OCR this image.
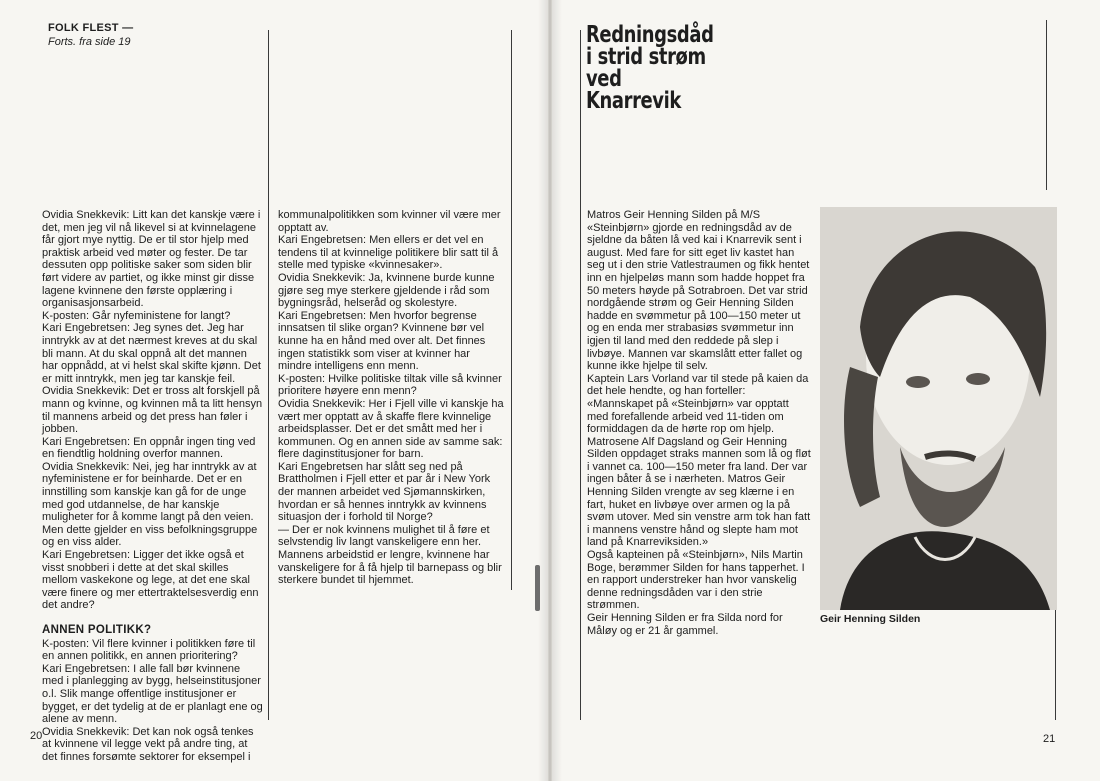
FOLK FLEST —
Forts. fra side 19

Ovidia Snekkevik: Litt kan det kanskje være i det, men jeg vil nå likevel si at kvinnelagene får gjort mye nyttig. De er til stor hjelp med praktisk arbeid ved møter og fester. De tar dessuten opp politiske saker som siden blir ført videre av partiet, og ikke minst gir disse lagene kvinnene den første opplæring i organisasjonsarbeid.

K-posten: Går nyfeministene for langt?

Kari Engebretsen: Jeg synes det. Jeg har inntrykk av at det nærmest kreves at du skal bli mann. At du skal oppnå alt det mannen har oppnådd, at vi helst skal skifte kjønn. Det er mitt inntrykk, men jeg tar kanskje feil.

Ovidia Snekkevik: Det er tross alt forskjell på mann og kvinne, og kvinnen må ta litt hensyn til mannens arbeid og det press han føler i jobben.

Kari Engebretsen: En oppnår ingen ting ved en fiendtlig holdning overfor mannen.

Ovidia Snekkevik: Nei, jeg har inntrykk av at nyfeministene er for beinharde. Det er en innstilling som kanskje kan gå for de unge med god utdannelse, de har kanskje muligheter for å komme langt på den veien. Men dette gjelder en viss befolkningsgruppe og en viss alder.

Kari Engebretsen: Ligger det ikke også et visst snobberi i dette at det skal skilles mellom vaskekone og lege, at det ene skal være finere og mer ettertraktelsesverdig enn det andre?

ANNEN POLITIKK?

K-posten: Vil flere kvinner i politikken føre til en annen politikk, en annen prioritering?

Kari Engebretsen: I alle fall bør kvinnene med i planlegging av bygg, helseinstitusjoner o.l. Slik mange offentlige institusjoner er bygget, er det tydelig at de er planlagt ene og alene av menn.

Ovidia Snekkevik: Det kan nok også tenkes at kvinnene vil legge vekt på andre ting, at det finnes forsømte sektorer for eksempel i

kommunalpolitikken som kvinner vil være mer opptatt av.

Kari Engebretsen: Men ellers er det vel en tendens til at kvinnelige politikere blir satt til å stelle med typiske «kvinnesaker».

Ovidia Snekkevik: Ja, kvinnene burde kunne gjøre seg mye sterkere gjeldende i råd som bygningsråd, helseråd og skolestyre.

Kari Engebretsen: Men hvorfor begrense innsatsen til slike organ? Kvinnene bør vel kunne ha en hånd med over alt. Det finnes ingen statistikk som viser at kvinner har mindre intelligens enn menn.

K-posten: Hvilke politiske tiltak ville så kvinner prioritere høyere enn menn?

Ovidia Snekkevik: Her i Fjell ville vi kanskje ha vært mer opptatt av å skaffe flere kvinnelige arbeidsplasser. Det er det smått med her i kommunen. Og en annen side av samme sak: flere daginstitusjoner for barn.

Kari Engebretsen har slått seg ned på Brattholmen i Fjell etter et par år i New York der mannen arbeidet ved Sjømannskirken, hvordan er så hennes inntrykk av kvinnens situasjon der i forhold til Norge?

— Der er nok kvinnens mulighet til å føre et selvstendig liv langt vanskeligere enn her. Mannens arbeidstid er lengre, kvinnene har vanskeligere for å få hjelp til barnepass og blir sterkere bundet til hjemmet.

20
Redningsdåd
i strid strøm
ved Knarrevik

Matros Geir Henning Silden på M/S «Steinbjørn» gjorde en redningsdåd av de sjeldne da båten lå ved kai i Knarrevik sent i august. Med fare for sitt eget liv kastet han seg ut i den strie Vatlestraumen og fikk hentet inn en hjelpeløs mann som hadde hoppet fra 50 meters høyde på Sotrabroen. Det var strid nordgående strøm og Geir Henning Silden hadde en svømmetur på 100—150 meter ut og en enda mer strabasiøs svømmetur inn igjen til land med den reddede på slep i livbøye. Mannen var skamslått etter fallet og kunne ikke hjelpe til selv.

Kaptein Lars Vorland var til stede på kaien da det hele hendte, og han forteller: «Mannskapet på «Steinbjørn» var opptatt med forefallende arbeid ved 11-tiden om formiddagen da de hørte rop om hjelp. Matrosene Alf Dagsland og Geir Henning Silden oppdaget straks mannen som lå og fløt i vannet ca. 100—150 meter fra land. Der var ingen båter å se i nærheten. Matros Geir Henning Silden vrengte av seg klærne i en fart, huket en livbøye over armen og la på svøm utover. Med sin venstre arm tok han fatt i mannens venstre hånd og slepte ham mot land på Knarreviksiden.»

Også kapteinen på «Steinbjørn», Nils Martin Boge, berømmer Silden for hans tapperhet. I en rapport understreker han hvor vanskelig denne redningsdåden var i den strie strømmen.

Geir Henning Silden er fra Silda nord for Måløy og er 21 år gammel.

Geir Henning Silden
21
